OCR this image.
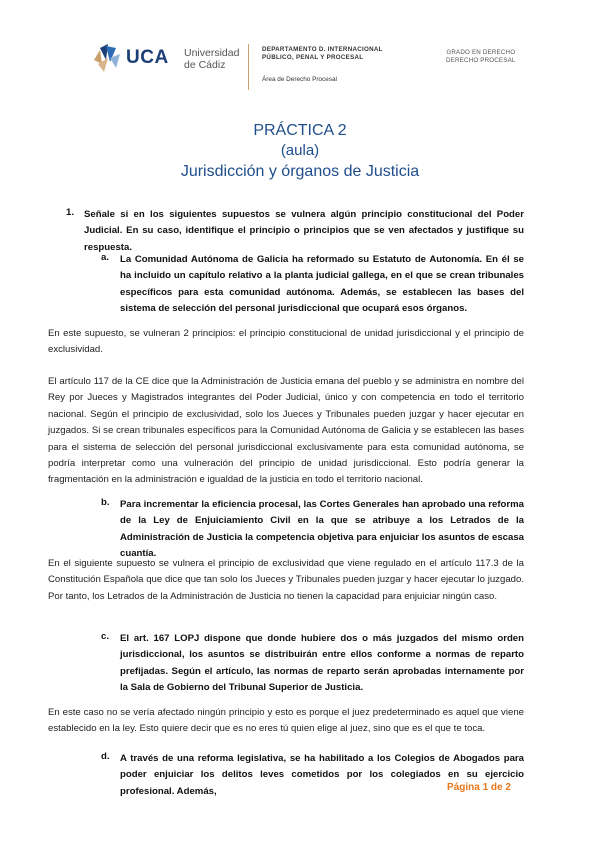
UCA Universidad
de Cádiz
DEPARTAMENTO D. INTERNACIONAL
PÚBLICO, PENAL Y PROCESAL
Área de Derecho Procesal
GRADO EN DERECHO
DERECHO PROCESAL
PRÁCTICA 2
(aula)
Jurisdicción y órganos de Justicia
1. Señale si en los siguientes supuestos se vulnera algún principio constitucional del Poder Judicial. En su caso, identifique el principio o principios que se ven afectados y justifique su respuesta.
a. La Comunidad Autónoma de Galicia ha reformado su Estatuto de Autonomía. En él se ha incluido un capítulo relativo a la planta judicial gallega, en el que se crean tribunales específicos para esta comunidad autónoma. Además, se establecen las bases del sistema de selección del personal jurisdiccional que ocupará esos órganos.
En este supuesto, se vulneran 2 principios: el principio constitucional de unidad jurisdiccional y el principio de exclusividad.
El artículo 117 de la CE dice que la Administración de Justicia emana del pueblo y se administra en nombre del Rey por Jueces y Magistrados integrantes del Poder Judicial, único y con competencia en todo el territorio nacional. Según el principio de exclusividad, solo los Jueces y Tribunales pueden juzgar y hacer ejecutar en juzgados. Si se crean tribunales específicos para la Comunidad Autónoma de Galicia y se establecen las bases para el sistema de selección del personal jurisdiccional exclusivamente para esta comunidad autónoma, se podría interpretar como una vulneración del principio de unidad jurisdiccional. Esto podría generar la fragmentación en la administración e igualdad de la justicia en todo el territorio nacional.
b. Para incrementar la eficiencia procesal, las Cortes Generales han aprobado una reforma de la Ley de Enjuiciamiento Civil en la que se atribuye a los Letrados de la Administración de Justicia la competencia objetiva para enjuiciar los asuntos de escasa cuantía.
En el siguiente supuesto se vulnera el principio de exclusividad que viene regulado en el artículo 117.3 de la Constitución Española que dice que tan solo los Jueces y Tribunales pueden juzgar y hacer ejecutar lo juzgado. Por tanto, los Letrados de la Administración de Justicia no tienen la capacidad para enjuiciar ningún caso.
c. El art. 167 LOPJ dispone que donde hubiere dos o más juzgados del mismo orden jurisdiccional, los asuntos se distribuirán entre ellos conforme a normas de reparto prefijadas. Según el artículo, las normas de reparto serán aprobadas internamente por la Sala de Gobierno del Tribunal Superior de Justicia.
En este caso no se vería afectado ningún principio y esto es porque el juez predeterminado es aquel que viene establecido en la ley. Esto quiere decir que es no eres tú quien elige al juez, sino que es el que te toca.
d. A través de una reforma legislativa, se ha habilitado a los Colegios de Abogados para poder enjuiciar los delitos leves cometidos por los colegiados en su ejercicio profesional. Además,	Página 1 de 2
